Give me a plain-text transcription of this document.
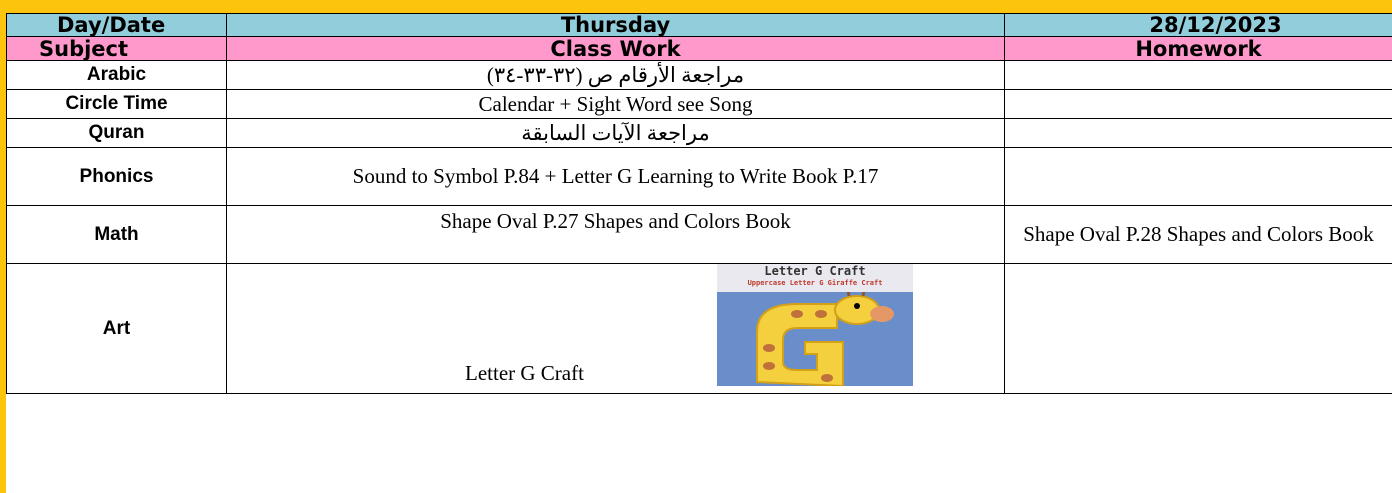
Day/Date	Thursday	28/12/2023
Subject	Class Work	Homework
Arabic	مراجعة الأرقام ص (٣٢-٣٣-٣٤)	
Circle Time	Calendar + Sight Word see Song	
Quran	مراجعة الآيات السابقة	
Phonics	Sound to Symbol P.84 + Letter G Learning to Write Book P.17	
Math	Shape Oval P.27 Shapes and Colors Book	Shape Oval P.28 Shapes and Colors Book
Art	Letter G Craft
Letter G Craft
Uppercase Letter G Giraffe Craft	
